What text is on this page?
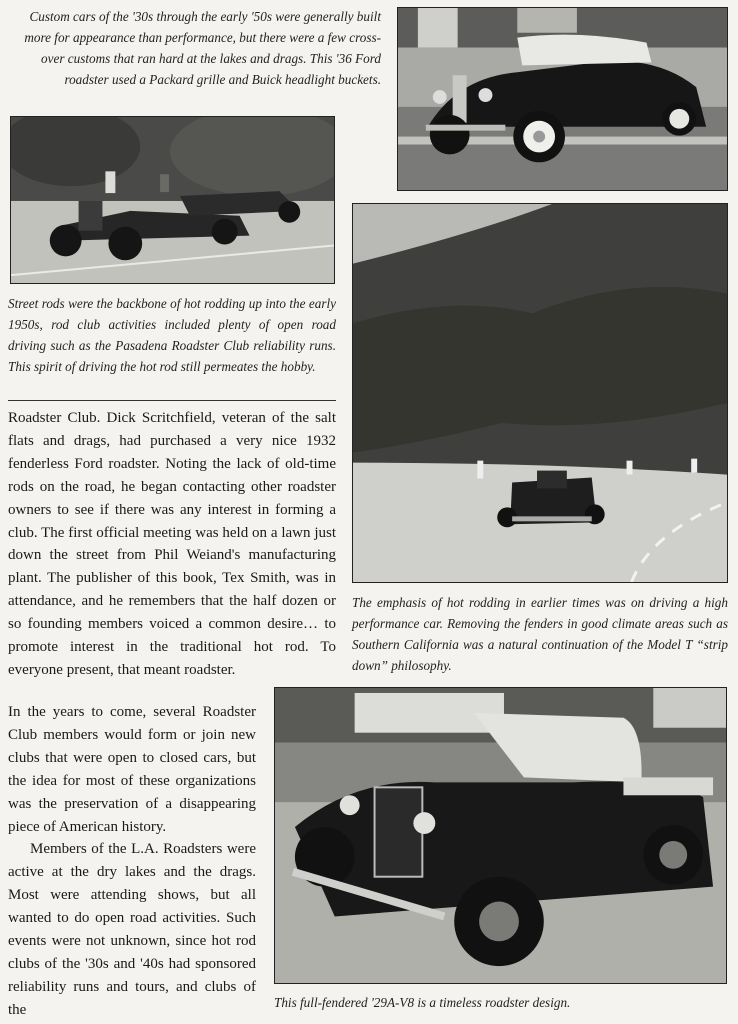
Custom cars of the '30s through the early '50s were generally built more for appearance than performance, but there were a few cross-over customs that ran hard at the lakes and drags. This '36 Ford roadster used a Packard grille and Buick headlight buckets.
Street rods were the backbone of hot rodding up into the early 1950s, rod club activities included plenty of open road driving such as the Pasadena Roadster Club reliability runs. This spirit of driving the hot rod still permeates the hobby.

Roadster Club. Dick Scritchfield, veteran of the salt flats and drags, had purchased a very nice 1932 fenderless Ford roadster. Noting the lack of old-time rods on the road, he began contacting other roadster owners to see if there was any interest in forming a club. The first official meeting was held on a lawn just down the street from Phil Weiand's manufacturing plant. The publisher of this book, Tex Smith, was in attendance, and he remembers that the half dozen or so founding members voiced a common desire… to promote interest in the traditional hot rod. To everyone present, that meant roadster.

In the years to come, several Roadster Club members would form or join new clubs that were open to closed cars, but the idea for most of these organizations was the preservation of a disappearing piece of American history.

Members of the L.A. Roadsters were active at the dry lakes and the drags. Most were attending shows, but all wanted to do open road activities. Such events were not unknown, since hot rod clubs of the '30s and '40s had sponsored reliability runs and tours, and clubs of the

The emphasis of hot rodding in earlier times was on driving a high performance car. Removing the fenders in good climate areas such as Southern California was a natural continuation of the Model T “strip down” philosophy.
This full-fendered '29A-V8 is a timeless roadster design.
